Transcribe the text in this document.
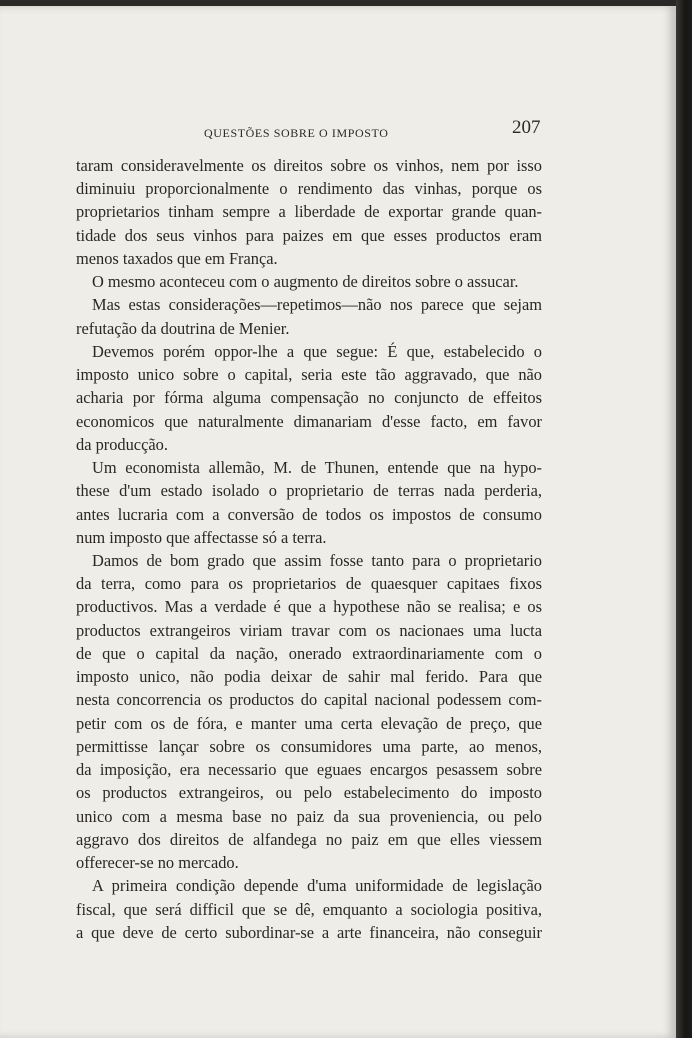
QUESTÕES SOBRE O IMPOSTO	207
taram consideravelmente os direitos sobre os vinhos, nem por isso
diminuiu proporcionalmente o rendimento das vinhas, porque os
proprietarios tinham sempre a liberdade de exportar grande quan-
tidade dos seus vinhos para paizes em que esses productos eram
menos taxados que em França.
O mesmo aconteceu com o augmento de direitos sobre o assucar.
Mas estas considerações—repetimos—não nos parece que sejam
refutação da doutrina de Menier.
Devemos porém oppor-lhe a que segue: É que, estabelecido o
imposto unico sobre o capital, seria este tão aggravado, que não
acharia por fórma alguma compensação no conjuncto de effeitos
economicos que naturalmente dimanariam d'esse facto, em favor
da producção.
Um economista allemão, M. de Thunen, entende que na hypo-
these d'um estado isolado o proprietario de terras nada perderia,
antes lucraria com a conversão de todos os impostos de consumo
num imposto que affectasse só a terra.
Damos de bom grado que assim fosse tanto para o proprietario
da terra, como para os proprietarios de quaesquer capitaes fixos
productivos. Mas a verdade é que a hypothese não se realisa; e os
productos extrangeiros viriam travar com os nacionaes uma lucta
de que o capital da nação, onerado extraordinariamente com o
imposto unico, não podia deixar de sahir mal ferido. Para que
nesta concorrencia os productos do capital nacional podessem com-
petir com os de fóra, e manter uma certa elevação de preço, que
permittisse lançar sobre os consumidores uma parte, ao menos,
da imposição, era necessario que eguaes encargos pesassem sobre
os productos extrangeiros, ou pelo estabelecimento do imposto
unico com a mesma base no paiz da sua proveniencia, ou pelo
aggravo dos direitos de alfandega no paiz em que elles viessem
offerecer-se no mercado.
A primeira condição depende d'uma uniformidade de legislação
fiscal, que será difficil que se dê, emquanto a sociologia positiva,
a que deve de certo subordinar-se a arte financeira, não conseguir
